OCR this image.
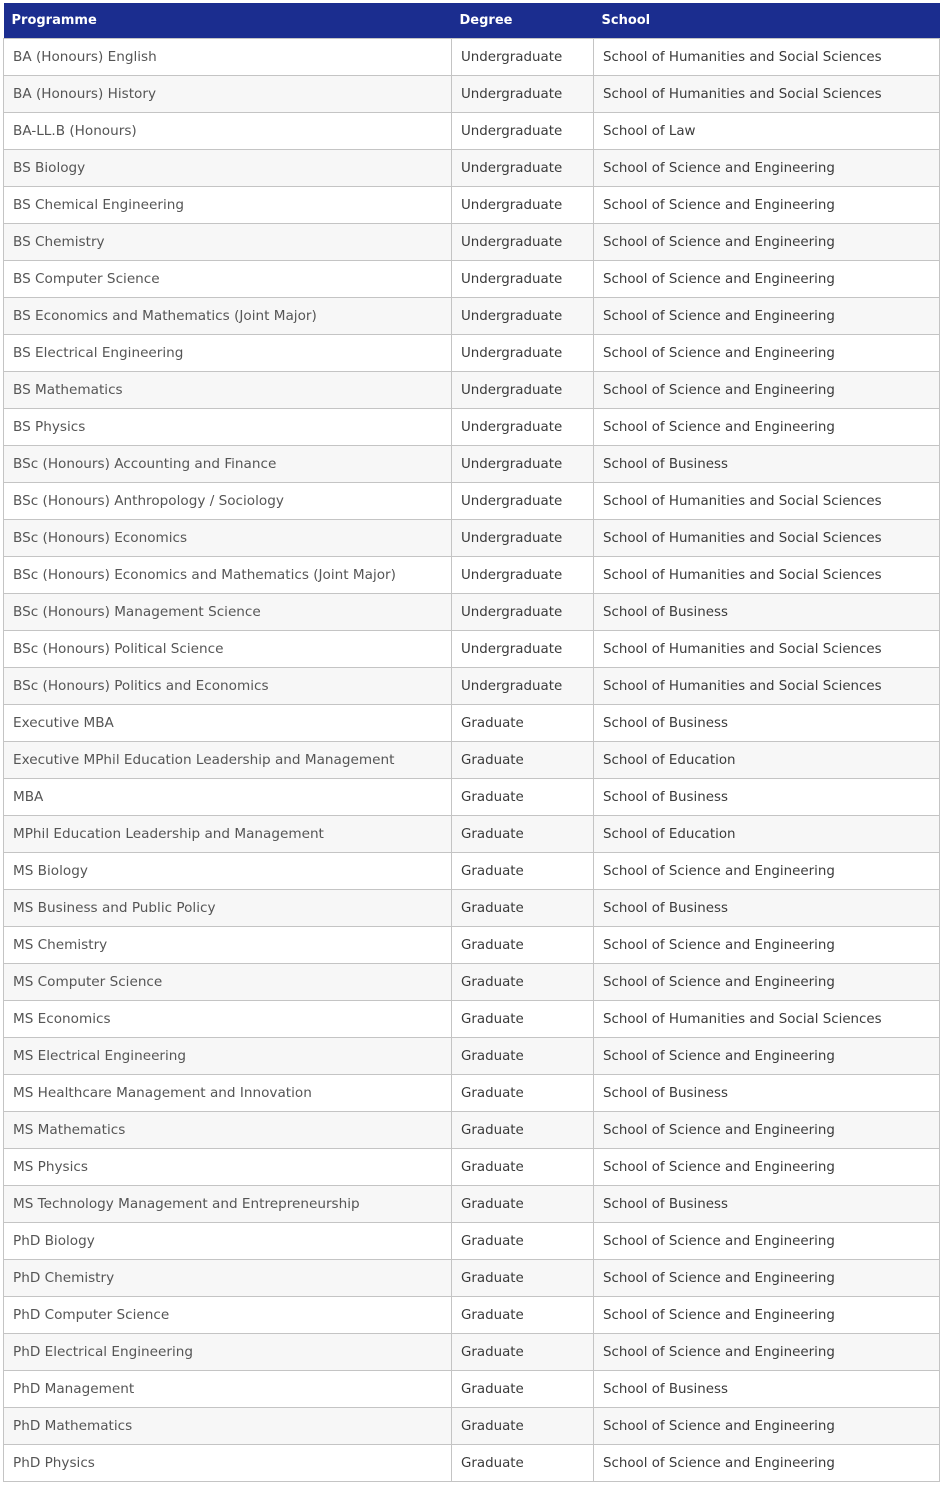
Programme	Degree	School
BA (Honours) English	Undergraduate	School of Humanities and Social Sciences
BA (Honours) History	Undergraduate	School of Humanities and Social Sciences
BA-LL.B (Honours)	Undergraduate	School of Law
BS Biology	Undergraduate	School of Science and Engineering
BS Chemical Engineering	Undergraduate	School of Science and Engineering
BS Chemistry	Undergraduate	School of Science and Engineering
BS Computer Science	Undergraduate	School of Science and Engineering
BS Economics and Mathematics (Joint Major)	Undergraduate	School of Science and Engineering
BS Electrical Engineering	Undergraduate	School of Science and Engineering
BS Mathematics	Undergraduate	School of Science and Engineering
BS Physics	Undergraduate	School of Science and Engineering
BSc (Honours) Accounting and Finance	Undergraduate	School of Business
BSc (Honours) Anthropology / Sociology	Undergraduate	School of Humanities and Social Sciences
BSc (Honours) Economics	Undergraduate	School of Humanities and Social Sciences
BSc (Honours) Economics and Mathematics (Joint Major)	Undergraduate	School of Humanities and Social Sciences
BSc (Honours) Management Science	Undergraduate	School of Business
BSc (Honours) Political Science	Undergraduate	School of Humanities and Social Sciences
BSc (Honours) Politics and Economics	Undergraduate	School of Humanities and Social Sciences
Executive MBA	Graduate	School of Business
Executive MPhil Education Leadership and Management	Graduate	School of Education
MBA	Graduate	School of Business
MPhil Education Leadership and Management	Graduate	School of Education
MS Biology	Graduate	School of Science and Engineering
MS Business and Public Policy	Graduate	School of Business
MS Chemistry	Graduate	School of Science and Engineering
MS Computer Science	Graduate	School of Science and Engineering
MS Economics	Graduate	School of Humanities and Social Sciences
MS Electrical Engineering	Graduate	School of Science and Engineering
MS Healthcare Management and Innovation	Graduate	School of Business
MS Mathematics	Graduate	School of Science and Engineering
MS Physics	Graduate	School of Science and Engineering
MS Technology Management and Entrepreneurship	Graduate	School of Business
PhD Biology	Graduate	School of Science and Engineering
PhD Chemistry	Graduate	School of Science and Engineering
PhD Computer Science	Graduate	School of Science and Engineering
PhD Electrical Engineering	Graduate	School of Science and Engineering
PhD Management	Graduate	School of Business
PhD Mathematics	Graduate	School of Science and Engineering
PhD Physics	Graduate	School of Science and Engineering
